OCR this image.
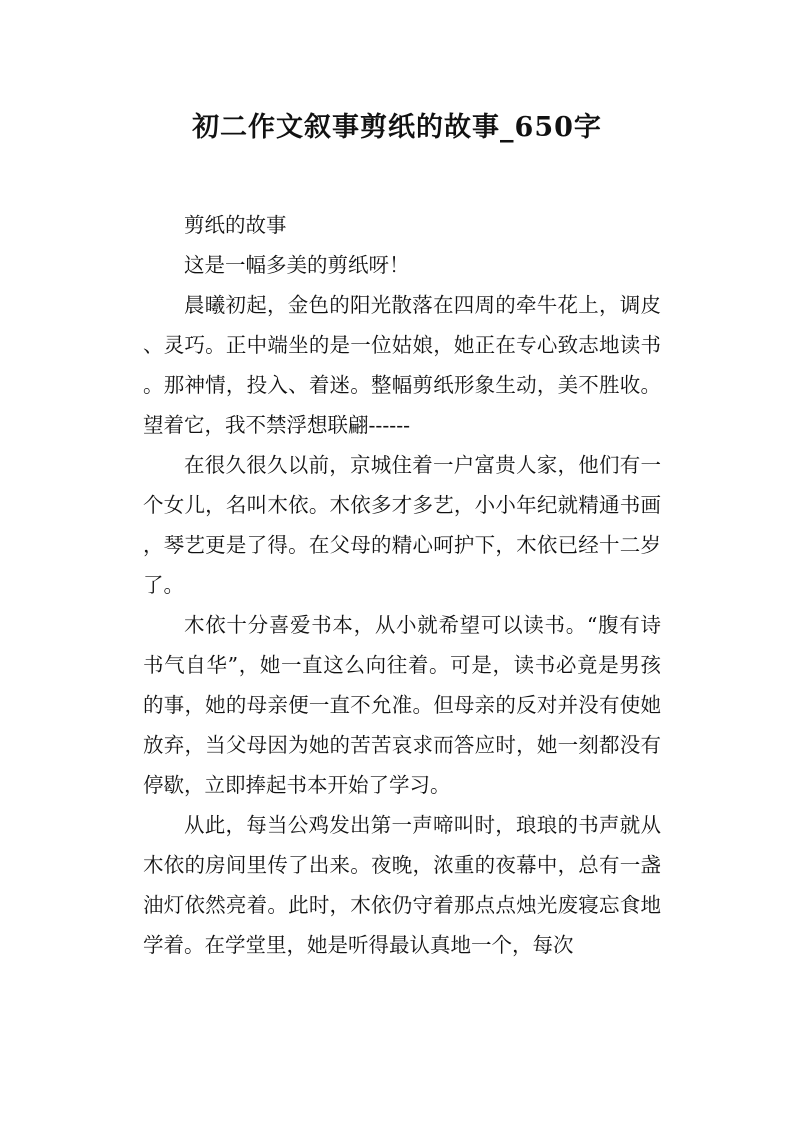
初二作文叙事剪纸的故事_650字

剪纸的故事

这是一幅多美的剪纸呀！

晨曦初起，金色的阳光散落在四周的牵牛花上，调皮、灵巧。正中端坐的是一位姑娘，她正在专心致志地读书。那神情，投入、着迷。整幅剪纸形象生动，美不胜收。望着它，我不禁浮想联翩------

在很久很久以前，京城住着一户富贵人家，他们有一个女儿，名叫木依。木依多才多艺，小小年纪就精通书画，琴艺更是了得。在父母的精心呵护下，木依已经十二岁了。

木依十分喜爱书本，从小就希望可以读书。“腹有诗书气自华”，她一直这么向往着。可是，读书必竟是男孩的事，她的母亲便一直不允准。但母亲的反对并没有使她放弃，当父母因为她的苦苦哀求而答应时，她一刻都没有停歇，立即捧起书本开始了学习。

从此，每当公鸡发出第一声啼叫时，琅琅的书声就从木依的房间里传了出来。夜晚，浓重的夜幕中，总有一盏油灯依然亮着。此时，木依仍守着那点点烛光废寝忘食地学着。在学堂里，她是听得最认真地一个，每次
